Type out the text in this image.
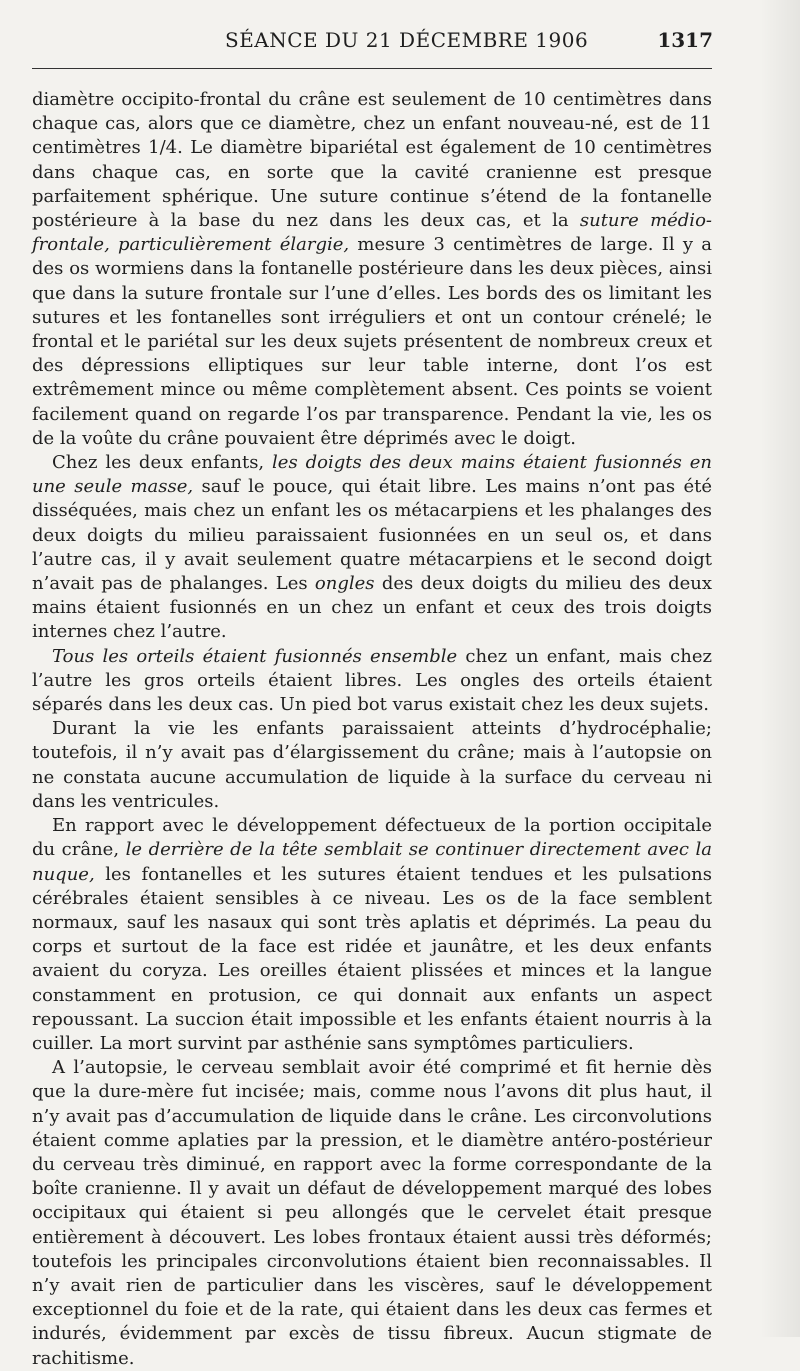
SÉANCE DU 21 DÉCEMBRE 1906	1317

diamètre occipito-frontal du crâne est seulement de 10 centimètres dans chaque cas, alors que ce diamètre, chez un enfant nouveau-né, est de 11 centimètres 1/4. Le diamètre bipariétal est également de 10 centimètres dans chaque cas, en sorte que la cavité cranienne est presque parfaitement sphérique. Une suture continue s’étend de la fontanelle postérieure à la base du nez dans les deux cas, et la suture médio-frontale, particulièrement élargie, mesure 3 centimètres de large. Il y a des os wormiens dans la fontanelle postérieure dans les deux pièces, ainsi que dans la suture frontale sur l’une d’elles. Les bords des os limitant les sutures et les fontanelles sont irréguliers et ont un contour crénelé; le frontal et le pariétal sur les deux sujets présentent de nombreux creux et des dépressions elliptiques sur leur table interne, dont l’os est extrêmement mince ou même complètement absent. Ces points se voient facilement quand on regarde l’os par transparence. Pendant la vie, les os de la voûte du crâne pouvaient être déprimés avec le doigt.

Chez les deux enfants, les doigts des deux mains étaient fusionnés en une seule masse, sauf le pouce, qui était libre. Les mains n’ont pas été disséquées, mais chez un enfant les os métacarpiens et les phalanges des deux doigts du milieu paraissaient fusionnées en un seul os, et dans l’autre cas, il y avait seulement quatre métacarpiens et le second doigt n’avait pas de phalanges. Les ongles des deux doigts du milieu des deux mains étaient fusionnés en un chez un enfant et ceux des trois doigts internes chez l’autre.

Tous les orteils étaient fusionnés ensemble chez un enfant, mais chez l’autre les gros orteils étaient libres. Les ongles des orteils étaient séparés dans les deux cas. Un pied bot varus existait chez les deux sujets.

Durant la vie les enfants paraissaient atteints d’hydrocéphalie; toutefois, il n’y avait pas d’élargissement du crâne; mais à l’autopsie on ne constata aucune accumulation de liquide à la surface du cerveau ni dans les ventricules.

En rapport avec le développement défectueux de la portion occipitale du crâne, le derrière de la tête semblait se continuer directement avec la nuque, les fontanelles et les sutures étaient tendues et les pulsations cérébrales étaient sensibles à ce niveau. Les os de la face semblent normaux, sauf les nasaux qui sont très aplatis et déprimés. La peau du corps et surtout de la face est ridée et jaunâtre, et les deux enfants avaient du coryza. Les oreilles étaient plissées et minces et la langue constamment en protusion, ce qui donnait aux enfants un aspect repoussant. La succion était impossible et les enfants étaient nourris à la cuiller. La mort survint par asthénie sans symptômes particuliers.

A l’autopsie, le cerveau semblait avoir été comprimé et fit hernie dès que la dure-mère fut incisée; mais, comme nous l’avons dit plus haut, il n’y avait pas d’accumulation de liquide dans le crâne. Les circonvolutions étaient comme aplaties par la pression, et le diamètre antéro-postérieur du cerveau très diminué, en rapport avec la forme correspondante de la boîte cranienne. Il y avait un défaut de développement marqué des lobes occipitaux qui étaient si peu allongés que le cervelet était presque entièrement à découvert. Les lobes frontaux étaient aussi très déformés; toutefois les principales circonvolutions étaient bien reconnaissables. Il n’y avait rien de particulier dans les viscères, sauf le développement exceptionnel du foie et de la rate, qui étaient dans les deux cas fermes et indurés, évidemment par excès de tissu fibreux. Aucun stigmate de rachitisme.
